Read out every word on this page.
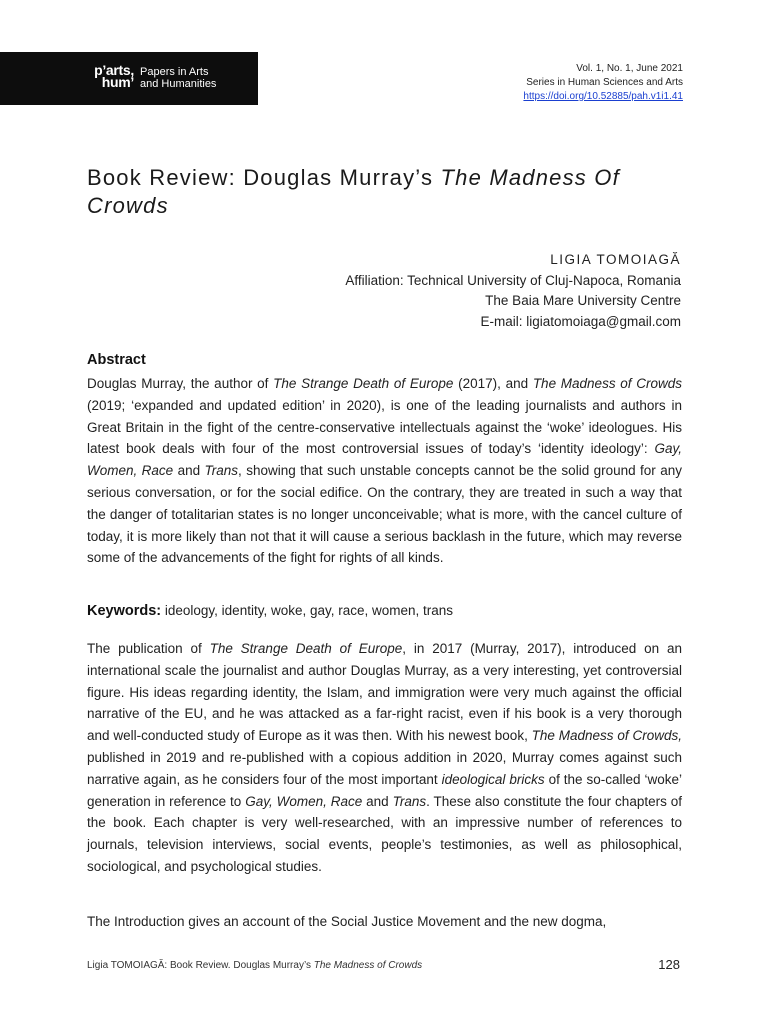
p’arts,
hum’
Papers in Arts
and Humanities
Vol. 1, No. 1, June 2021
Series in Human Sciences and Arts
https://doi.org/10.52885/pah.v1i1.41
Book Review: Douglas Murray’s The Madness Of Crowds
LIGIA TOMOIAGĂ
Affiliation: Technical University of Cluj-Napoca, Romania
The Baia Mare University Centre
E-mail: ligiatomoiaga@gmail.com
Abstract

Douglas Murray, the author of The Strange Death of Europe (2017), and The Madness of Crowds (2019; ‘expanded and updated edition’ in 2020), is one of the leading journalists and authors in Great Britain in the fight of the centre-conservative intellectuals against the ‘woke’ ideologues. His latest book deals with four of the most controversial issues of today’s ‘identity ideology’: Gay, Women, Race and Trans, showing that such unstable concepts cannot be the solid ground for any serious conversation, or for the social edifice. On the contrary, they are treated in such a way that the danger of totalitarian states is no longer unconceivable; what is more, with the cancel culture of today, it is more likely than not that it will cause a serious backlash in the future, which may reverse some of the advancements of the fight for rights of all kinds.

Keywords: ideology, identity, woke, gay, race, women, trans

The publication of The Strange Death of Europe, in 2017 (Murray, 2017), introduced on an international scale the journalist and author Douglas Murray, as a very interesting, yet controversial figure. His ideas regarding identity, the Islam, and immigration were very much against the official narrative of the EU, and he was attacked as a far-right racist, even if his book is a very thorough and well-conducted study of Europe as it was then. With his newest book, The Madness of Crowds, published in 2019 and re-published with a copious addition in 2020, Murray comes against such narrative again, as he considers four of the most important ideological bricks of the so-called ‘woke’ generation in reference to Gay, Women, Race and Trans. These also constitute the four chapters of the book. Each chapter is very well-researched, with an impressive number of references to journals, television interviews, social events, people’s testimonies, as well as philosophical, sociological, and psychological studies.

The Introduction gives an account of the Social Justice Movement and the new dogma,

Ligia TOMOIAGĂ: Book Review. Douglas Murray’s The Madness of Crowds	128
